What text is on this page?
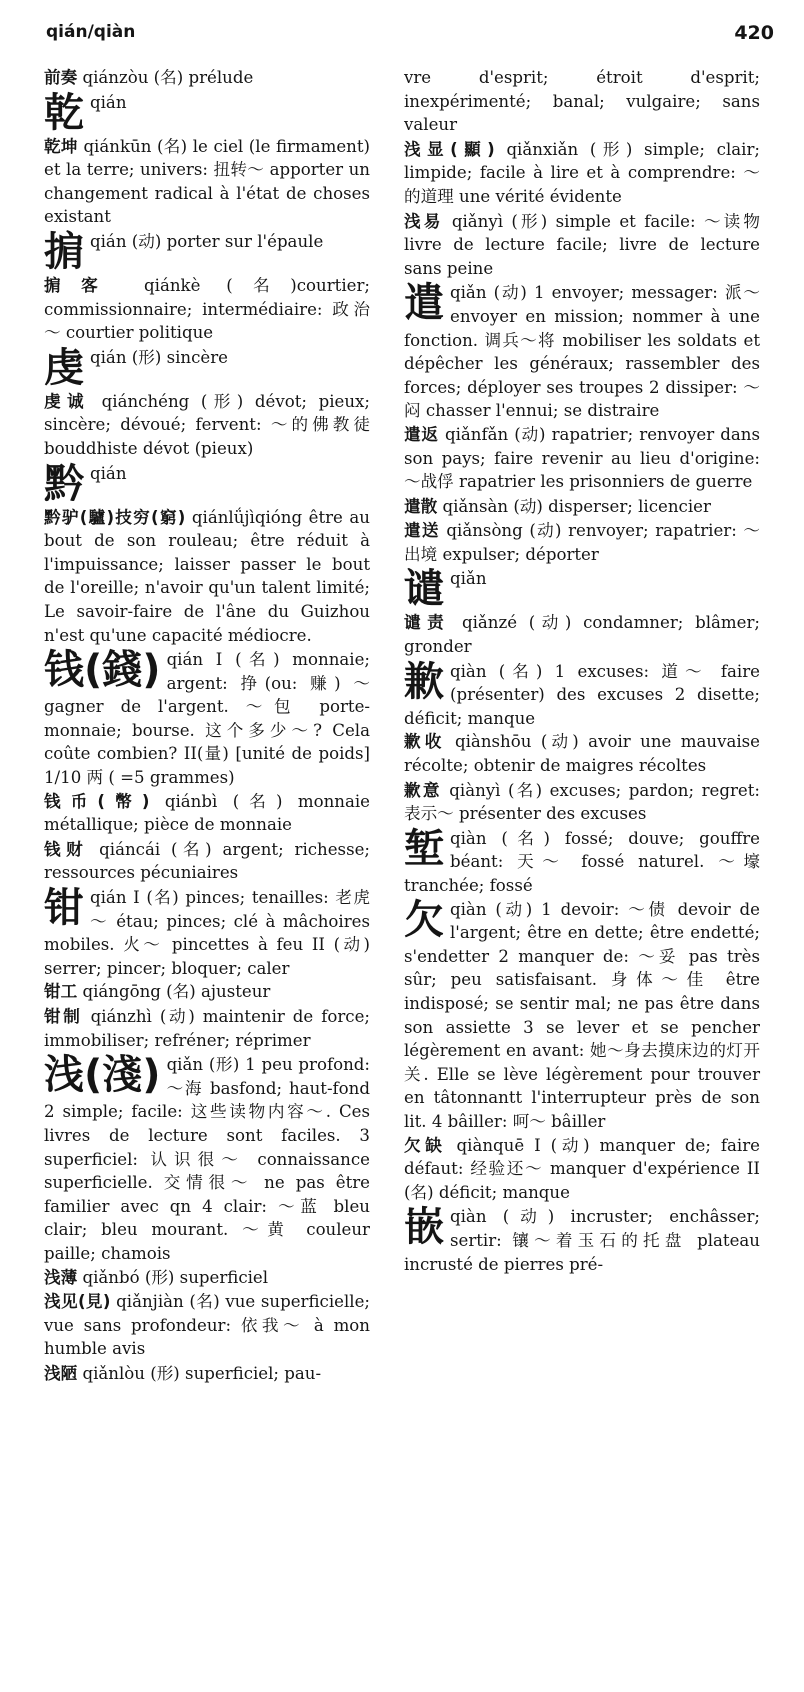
qián/qiàn	420
前奏 qiánzòu (名) prélude
乾qián
乾坤 qiánkūn (名) le ciel (le firmament) et la terre; univers: 扭转～ apporter un changement radical à l'état de choses existant
掮qián (动) porter sur l'épaule
掮客 qiánkè (名)courtier; commissionnaire; intermédiaire: 政治～ courtier politique
虔qián (形) sincère
虔诚 qiánchéng (形) dévot; pieux; sincère; dévoué; fervent: ～的佛教徒 bouddhiste dévot (pieux)
黔qián
黔驴(驢)技穷(窮) qiánlǘjìqióng être au bout de son rouleau; être réduit à l'impuissance; laisser passer le bout de l'oreille; n'avoir qu'un talent limité; Le savoir-faire de l'âne du Guizhou n'est qu'une capacité médiocre.
钱(錢) qián I (名) monnaie; argent: 挣(ou: 赚) ～ gagner de l'argent. ～包 porte-monnaie; bourse. 这个多少～? Cela coûte combien? II(量) [unité de poids] 1/10 两 ( =5 grammes)
钱币(幣) qiánbì (名) monnaie métallique; pièce de monnaie
钱财 qiáncái (名) argent; richesse; ressources pécuniaires
钳qián I (名) pinces; tenailles: 老虎～ étau; pinces; clé à mâchoires mobiles. 火～ pincettes à feu II (动) serrer; pincer; bloquer; caler
钳工 qiángōng (名) ajusteur
钳制 qiánzhì (动) maintenir de force; immobiliser; refréner; réprimer
浅(淺) qiǎn (形) 1 peu profond: ～海 basfond; haut-fond 2 simple; facile: 这些读物内容～. Ces livres de lecture sont faciles. 3 superficiel: 认识很～ connaissance superficielle. 交情很～ ne pas être familier avec qn 4 clair: ～蓝 bleu clair; bleu mourant. ～黄 couleur paille; chamois
浅薄 qiǎnbó (形) superficiel
浅见(見) qiǎnjiàn (名) vue superficielle; vue sans profondeur: 依我～ à mon humble avis
浅陋 qiǎnlòu (形) superficiel; pau-
vre d'esprit; étroit d'esprit; inexpérimenté; banal; vulgaire; sans valeur
浅显(顯) qiǎnxiǎn (形) simple; clair; limpide; facile à lire et à comprendre: ～的道理 une vérité évidente
浅易 qiǎnyì (形) simple et facile: ～读物 livre de lecture facile; livre de lecture sans peine
遣qiǎn (动) 1 envoyer; messager: 派～ envoyer en mission; nommer à une fonction. 调兵～将 mobiliser les soldats et dépêcher les généraux; rassembler des forces; déployer ses troupes 2 dissiper: ～闷 chasser l'ennui; se distraire
遣返 qiǎnfǎn (动) rapatrier; renvoyer dans son pays; faire revenir au lieu d'origine: ～战俘 rapatrier les prisonniers de guerre
遣散 qiǎnsàn (动) disperser; licencier
遣送 qiǎnsòng (动) renvoyer; rapatrier: ～出境 expulser; déporter
谴qiǎn
谴责 qiǎnzé (动) condamner; blâmer; gronder
歉qiàn (名) 1 excuses: 道～ faire (présenter) des excuses 2 disette; déficit; manque
歉收 qiànshōu (动) avoir une mauvaise récolte; obtenir de maigres récoltes
歉意 qiànyì (名) excuses; pardon; regret: 表示～ présenter des excuses
堑qiàn (名) fossé; douve; gouffre béant: 天～ fossé naturel. ～壕 tranchée; fossé
欠qiàn (动) 1 devoir: ～债 devoir de l'argent; être en dette; être endetté; s'endetter 2 manquer de: ～妥 pas très sûr; peu satisfaisant. 身体～佳 être indisposé; se sentir mal; ne pas être dans son assiette 3 se lever et se pencher légèrement en avant: 她～身去摸床边的灯开关. Elle se lève légèrement pour trouver en tâtonnantt l'interrupteur près de son lit. 4 bâiller: 呵～ bâiller
欠缺 qiànquē I (动) manquer de; faire défaut: 经验还～ manquer d'expérience II (名) déficit; manque
嵌qiàn (动) incruster; enchâsser; sertir: 镶～着玉石的托盘 plateau incrusté de pierres pré-
